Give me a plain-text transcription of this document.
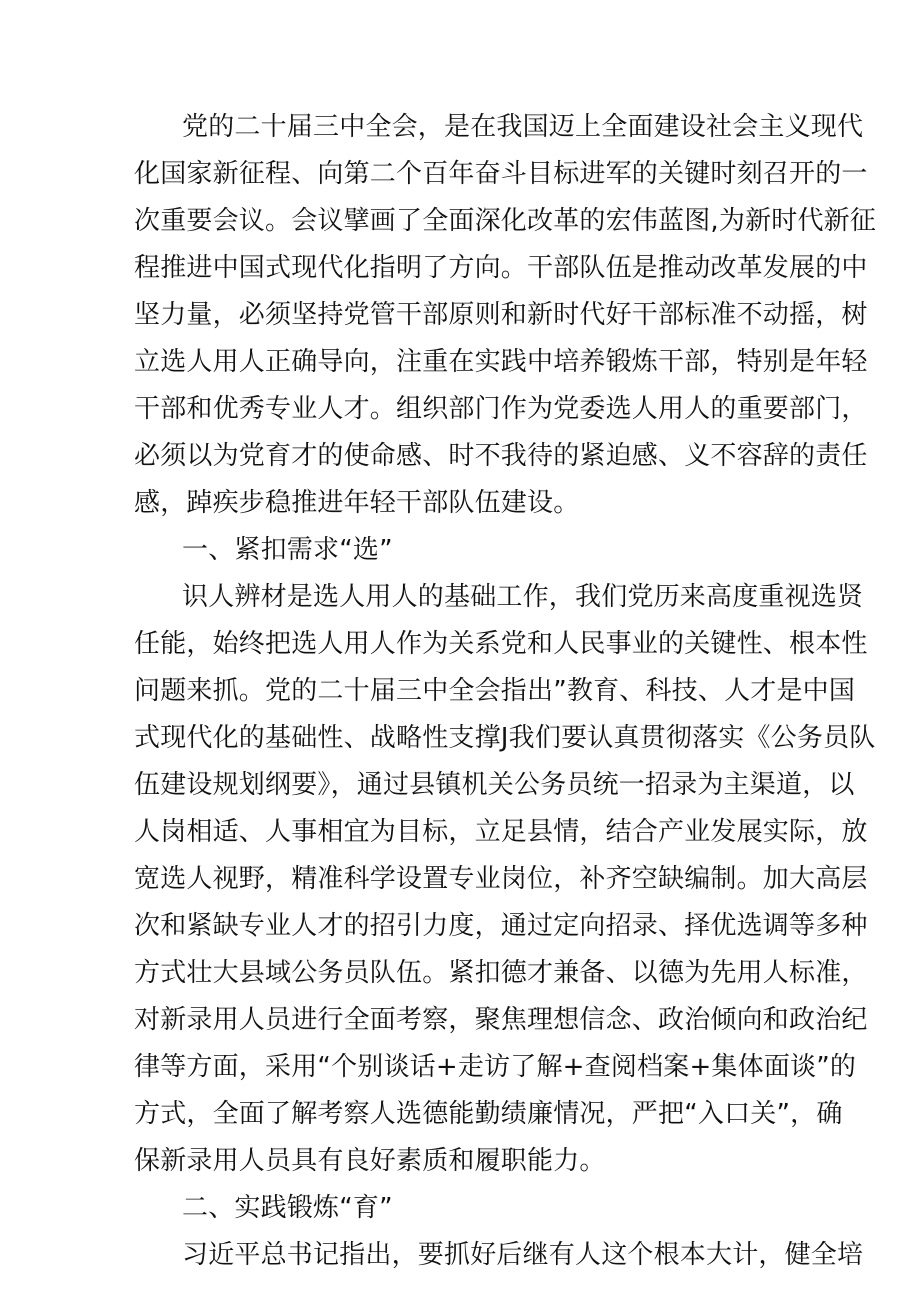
党的二十届三中全会，是在我国迈上全面建设社会主义现代
化国家新征程、向第二个百年奋斗目标进军的关键时刻召开的一
次重要会议。会议擘画了全面深化改革的宏伟蓝图,为新时代新征
程推进中国式现代化指明了方向。干部队伍是推动改革发展的中
坚力量，必须坚持党管干部原则和新时代好干部标准不动摇，树
立选人用人正确导向，注重在实践中培养锻炼干部，特别是年轻
干部和优秀专业人才。组织部门作为党委选人用人的重要部门，
必须以为党育才的使命感、时不我待的紧迫感、义不容辞的责任
感，踔疾步稳推进年轻干部队伍建设。
一、紧扣需求“选”
识人辨材是选人用人的基础工作，我们党历来高度重视选贤
任能，始终把选人用人作为关系党和人民事业的关键性、根本性
问题来抓。党的二十届三中全会指出”教育、科技、人才是中国
式现代化的基础性、战略性支撑J我们要认真贯彻落实《公务员队
伍建设规划纲要》，通过县镇机关公务员统一招录为主渠道，以
人岗相适、人事相宜为目标，立足县情，结合产业发展实际，放
宽选人视野，精准科学设置专业岗位，补齐空缺编制。加大高层
次和紧缺专业人才的招引力度，通过定向招录、择优选调等多种
方式壮大县域公务员队伍。紧扣德才兼备、以德为先用人标准，
对新录用人员进行全面考察，聚焦理想信念、政治倾向和政治纪
律等方面，采用“个别谈话+走访了解+查阅档案+集体面谈”的
方式，全面了解考察人选德能勤绩廉情况，严把“入口关”，确
保新录用人员具有良好素质和履职能力。
二、实践锻炼“育”
习近平总书记指出，要抓好后继有人这个根本大计，健全培
